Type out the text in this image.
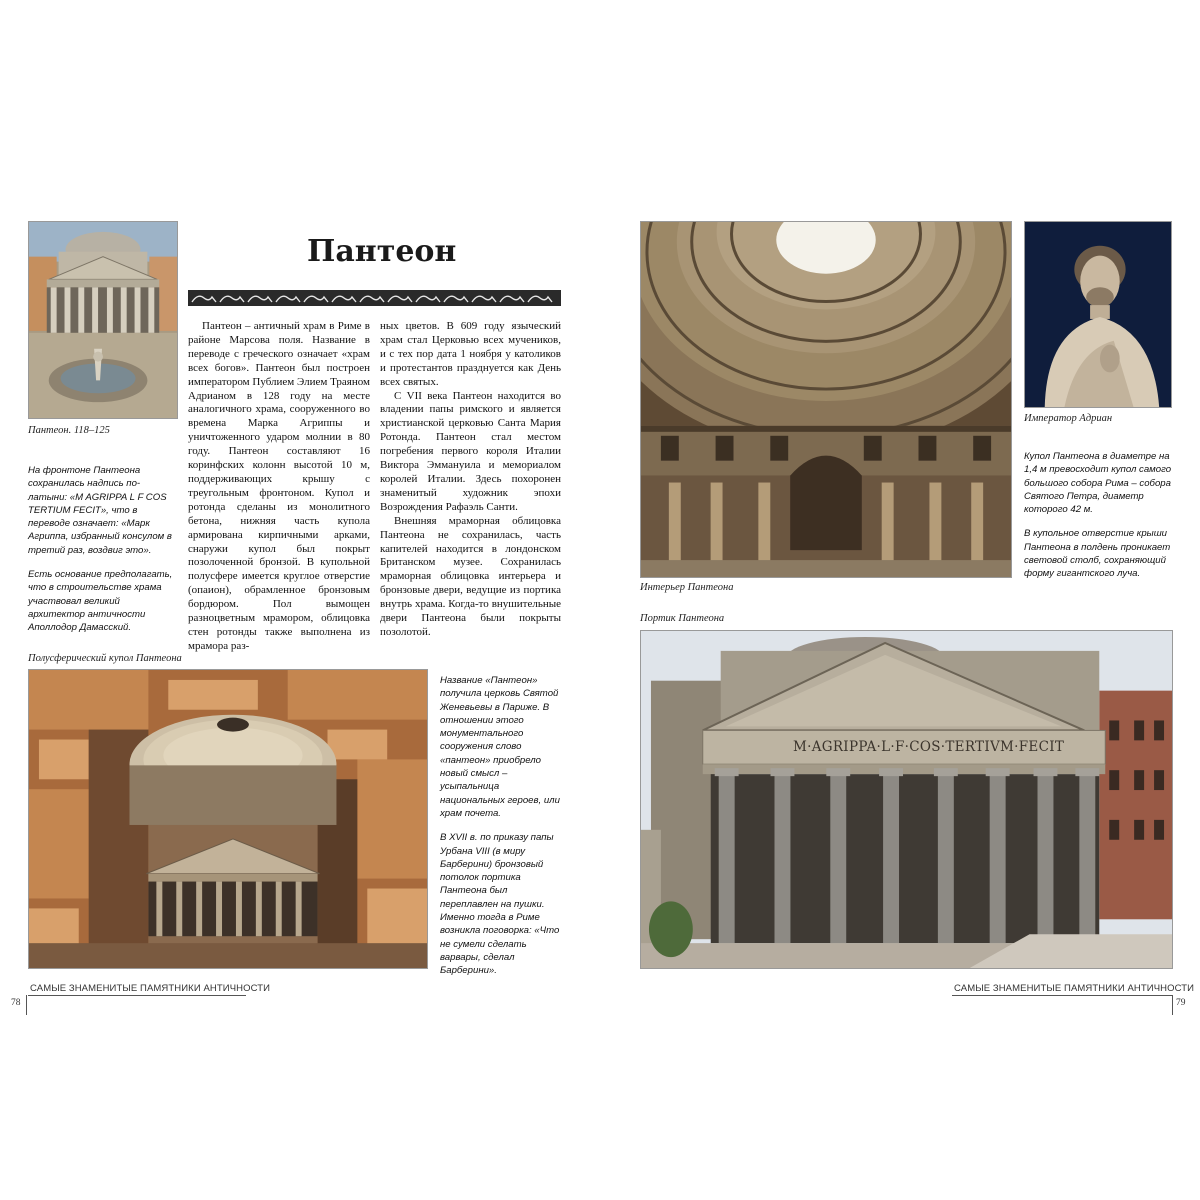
Пантеон. 118–125

На фронтоне Пантеона сохранилась надпись по-латыни: «M AGRIPPA L F COS TERTIUM FECIT», что в переводе означает: «Марк Агриппа, избранный консулом в третий раз, воздвиг это».

Есть основание предполагать, что в строительстве храма участвовал великий архитектор античности Аполлодор Дамасский.

Пантеон

Пантеон – античный храм в Риме в районе Марсова поля. Название в переводе с греческого означает «храм всех богов». Пантеон был построен императором Публием Элием Траяном Адрианом в 128 году на месте аналогичного храма, сооруженного во времена Марка Агриппы и уничтоженного ударом молнии в 80 году. Пантеон составляют 16 коринфских колонн высотой 10 м, поддерживающих крышу с треугольным фронтоном. Купол и ротонда сделаны из монолитного бетона, нижняя часть купола армирована кирпичными арками, снаружи купол был покрыт позолоченной бронзой. В купольной полусфере имеется круглое отверстие (опаион), обрамленное бронзовым бордюром. Пол вымощен разноцветным мрамором, облицовка стен ротонды также выполнена из мрамора раз-

ных цветов. В 609 году языческий храм стал Церковью всех мучеников, и с тех пор дата 1 ноября у католиков и протестантов празднуется как День всех святых.

С VII века Пантеон находится во владении папы римского и является христианской церковью Санта Мария Ротонда. Пантеон стал местом погребения первого короля Италии Виктора Эммануила и мемориалом королей Италии. Здесь похоронен знаменитый художник эпохи Возрождения Рафаэль Санти.

Внешняя мраморная облицовка Пантеона не сохранилась, часть капителей находится в лондонском Британском музее. Сохранилась мраморная облицовка интерьера и бронзовые двери, ведущие из портика внутрь храма. Когда-то внушительные двери Пантеона были покрыты позолотой.

Полусферический купол Пантеона

Название «Пантеон» получила церковь Святой Женевьевы в Париже. В отношении этого монументального сооружения слово «пантеон» приобрело новый смысл – усыпальница национальных героев, или храм почета.

В XVII в. по приказу папы Урбана VIII (в миру Барберини) бронзовый потолок портика Пантеона был переплавлен на пушки. Именно тогда в Риме возникла поговорка: «Что не сумели сделать варвары, сделал Барберини».

САМЫЕ ЗНАМЕНИТЫЕ ПАМЯТНИКИ АНТИЧНОСТИ
78
Интерьер Пантеона
Император Адриан

Купол Пантеона в диаметре на 1,4 м превосходит купол самого большого собора Рима – собора Святого Петра, диаметр которого 42 м.

В купольное отверстие крыши Пантеона в полдень проникает световой столб, сохраняющий форму гигантского луча.

Портик Пантеона
M·AGRIPPA·L·F·COS·TERTIVM·FECIT
САМЫЕ ЗНАМЕНИТЫЕ ПАМЯТНИКИ АНТИЧНОСТИ
79
